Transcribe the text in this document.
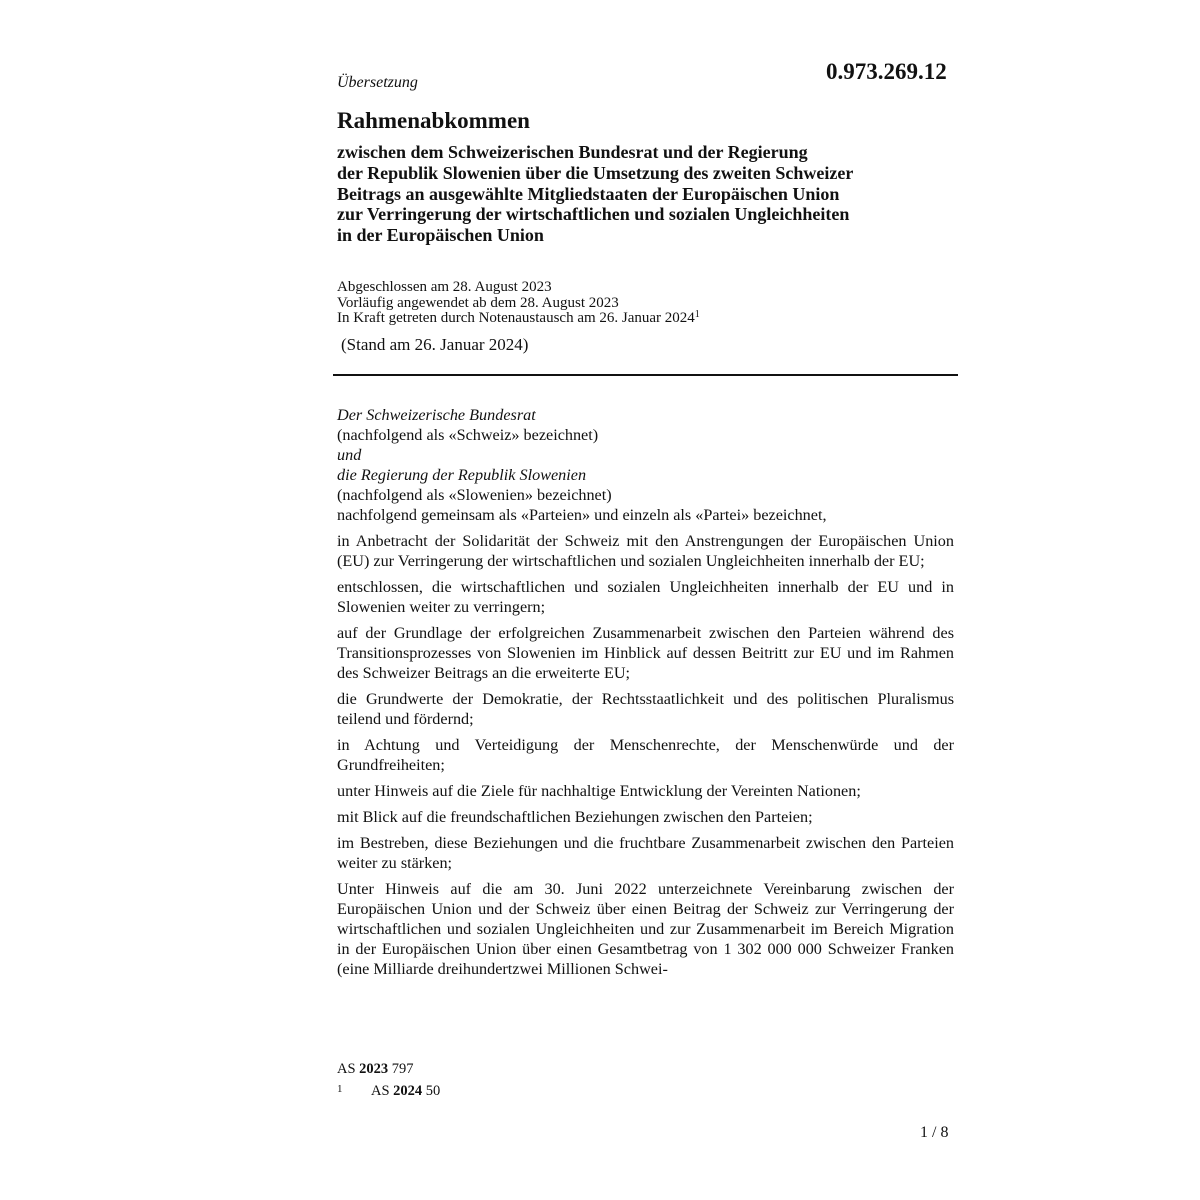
0.973.269.12
Übersetzung
Rahmenabkommen
zwischen dem Schweizerischen Bundesrat und der Regierung
der Republik Slowenien über die Umsetzung des zweiten Schweizer
Beitrags an ausgewählte Mitgliedstaaten der Europäischen Union
zur Verringerung der wirtschaftlichen und sozialen Ungleichheiten
in der Europäischen Union
Abgeschlossen am 28. August 2023
Vorläufig angewendet ab dem 28. August 2023
In Kraft getreten durch Notenaustausch am 26. Januar 2024$^1$
(Stand am 26. Januar 2024)
Der Schweizerische Bundesrat
(nachfolgend als «Schweiz» bezeichnet)
und
die Regierung der Republik Slowenien
(nachfolgend als «Slowenien» bezeichnet)
nachfolgend gemeinsam als «Parteien» und einzeln als «Partei» bezeichnet,
in Anbetracht der Solidarität der Schweiz mit den Anstrengungen der Europäischen Union (EU) zur Verringerung der wirtschaftlichen und sozialen Ungleichheiten innerhalb der EU;
entschlossen, die wirtschaftlichen und sozialen Ungleichheiten innerhalb der EU und in Slowenien weiter zu verringern;
auf der Grundlage der erfolgreichen Zusammenarbeit zwischen den Parteien während des Transitionsprozesses von Slowenien im Hinblick auf dessen Beitritt zur EU und im Rahmen des Schweizer Beitrags an die erweiterte EU;
die Grundwerte der Demokratie, der Rechtsstaatlichkeit und des politischen Pluralismus teilend und fördernd;
in Achtung und Verteidigung der Menschenrechte, der Menschenwürde und der Grundfreiheiten;
unter Hinweis auf die Ziele für nachhaltige Entwicklung der Vereinten Nationen;
mit Blick auf die freundschaftlichen Beziehungen zwischen den Parteien;
im Bestreben, diese Beziehungen und die fruchtbare Zusammenarbeit zwischen den Parteien weiter zu stärken;
Unter Hinweis auf die am 30. Juni 2022 unterzeichnete Vereinbarung zwischen der Europäischen Union und der Schweiz über einen Beitrag der Schweiz zur Verringerung der wirtschaftlichen und sozialen Ungleichheiten und zur Zusammenarbeit im Bereich Migration in der Europäischen Union über einen Gesamtbetrag von 1 302 000 000 Schweizer Franken (eine Milliarde dreihundertzwei Millionen Schwei-
AS 2023 797
1 AS 2024 50
1 / 8
